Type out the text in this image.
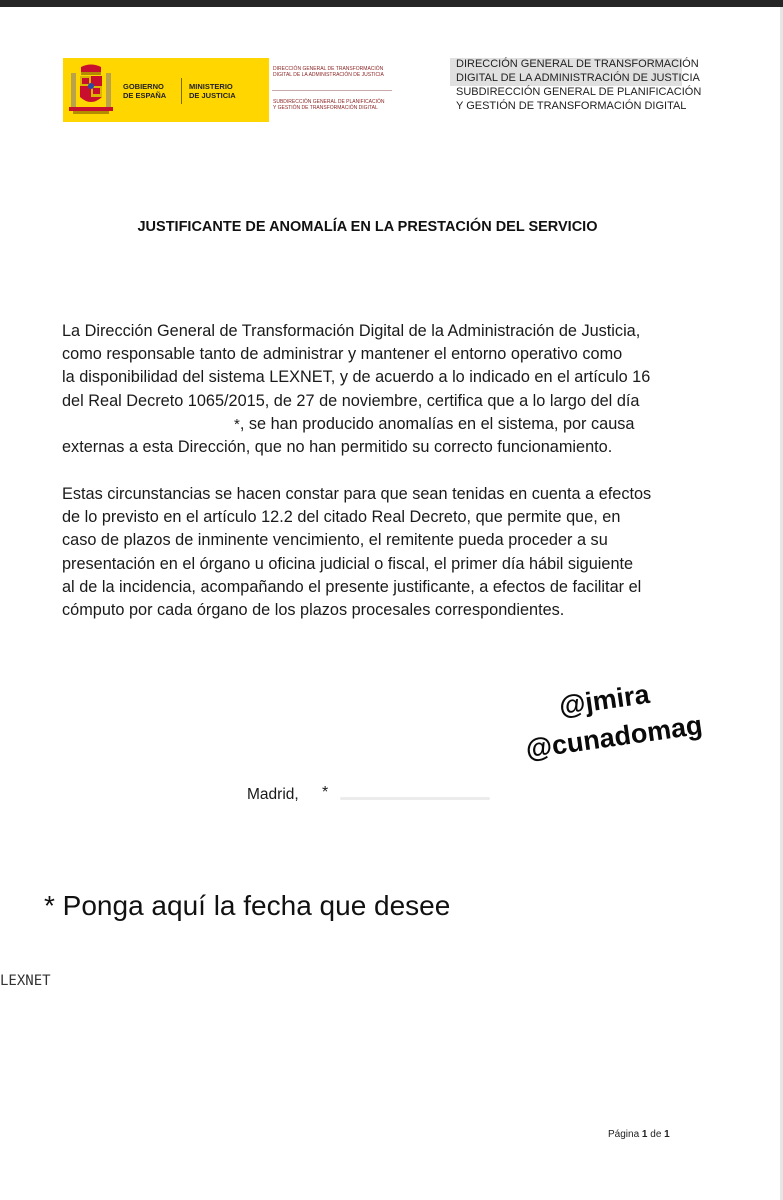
GOBIERNO
DE ESPAÑA
MINISTERIO
DE JUSTICIA
DIRECCIÓN GENERAL DE TRANSFORMACIÓN
DIGITAL DE LA ADMINISTRACIÓN DE JUSTICIA
SUBDIRECCIÓN GENERAL DE PLANIFICACIÓN
Y GESTIÓN DE TRANSFORMACIÓN DIGITAL
DIRECCIÓN GENERAL DE TRANSFORMACIÓN
DIGITAL DE LA ADMINISTRACIÓN DE JUSTICIA
SUBDIRECCIÓN GENERAL DE PLANIFICACIÓN
Y GESTIÓN DE TRANSFORMACIÓN DIGITAL
JUSTIFICANTE DE ANOMALÍA EN LA PRESTACIÓN DEL SERVICIO
La Dirección General de Transformación Digital de la Administración de Justicia,
como responsable tanto de administrar y mantener el entorno operativo como
la disponibilidad del sistema LEXNET, y de acuerdo a lo indicado en el artículo 16
del Real Decreto 1065/2015, de 27 de noviembre, certifica que a lo largo del día
*, se han producido anomalías en el sistema, por causa
externas a esta Dirección, que no han permitido su correcto funcionamiento.
Estas circunstancias se hacen constar para que sean tenidas en cuenta a efectos
de lo previsto en el artículo 12.2 del citado Real Decreto, que permite que, en
caso de plazos de inminente vencimiento, el remitente pueda proceder a su
presentación en el órgano u oficina judicial o fiscal, el primer día hábil siguiente
al de la incidencia, acompañando el presente justificante, a efectos de facilitar el
cómputo por cada órgano de los plazos procesales correspondientes.
@jmira
@cunadomag
Madrid, *
* Ponga aquí la fecha que desee
LEXNET
Página 1 de 1
